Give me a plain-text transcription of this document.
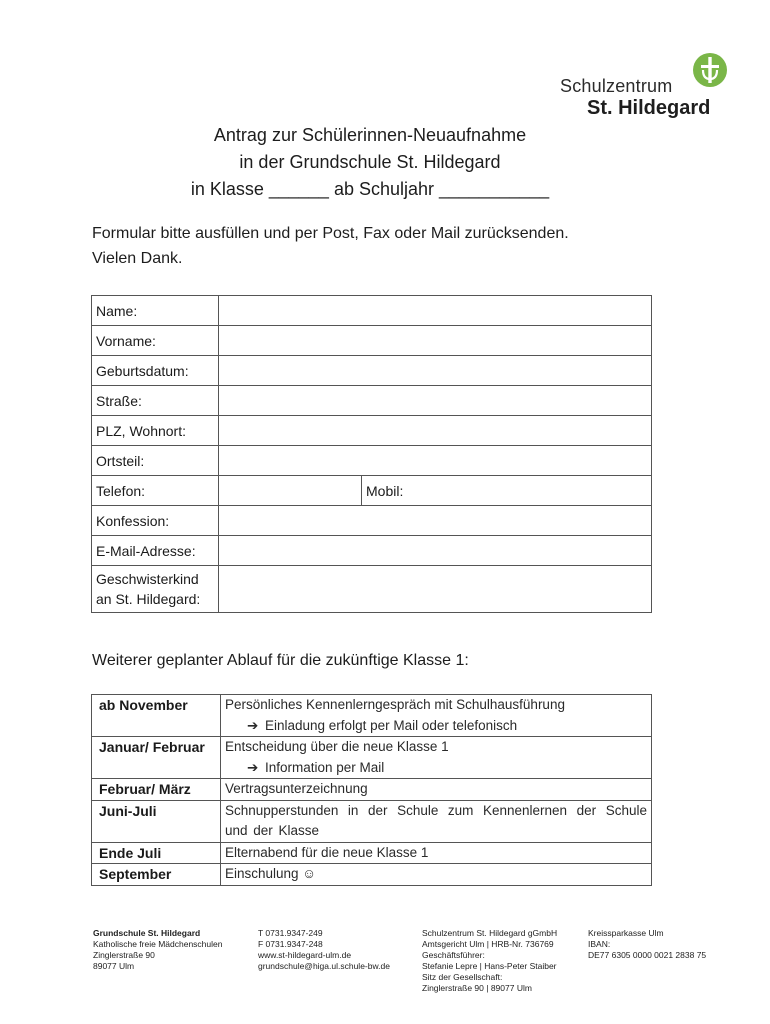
Schulzentrum
St. Hildegard
Antrag zur Schülerinnen-Neuaufnahme
in der Grundschule St. Hildegard
in Klasse ______ ab Schuljahr ___________
Formular bitte ausfüllen und per Post, Fax oder Mail zurücksenden.
Vielen Dank.
Name:		
Vorname:		
Geburtsdatum:		
Straße:		
PLZ, Wohnort:		
Ortsteil:		
Telefon:		Mobil:
Konfession:		
E-Mail-Adresse:		

Geschwisterkind
an St. Hildegard:		

Weiterer geplanter Ablauf für die zukünftige Klasse 1:
ab November	Persönliches Kennenlerngespräch mit Schulhausführung
➔ Einladung erfolgt per Mail oder telefonisch

Januar/ Februar	Entscheidung über die neue Klasse 1
➔ Information per Mail

Februar/ März	Vertragsunterzeichnung
Juni-Juli	Schnupperstunden in der Schule zum Kennenlernen der Schule und der Klasse
Ende Juli	Elternabend für die neue Klasse 1
September	Einschulung ☺
Grundschule St. Hildegard
Katholische freie Mädchenschulen
Zinglerstraße 90
89077 Ulm
T 0731.9347-249
F 0731.9347-248
www.st-hildegard-ulm.de
grundschule@higa.ul.schule-bw.de
Schulzentrum St. Hildegard gGmbH
Amtsgericht Ulm | HRB-Nr. 736769
Geschäftsführer:
Stefanie Lepre | Hans-Peter Staiber
Sitz der Gesellschaft:
Zinglerstraße 90 | 89077 Ulm
Kreissparkasse Ulm
IBAN:
DE77 6305 0000 0021 2838 75
